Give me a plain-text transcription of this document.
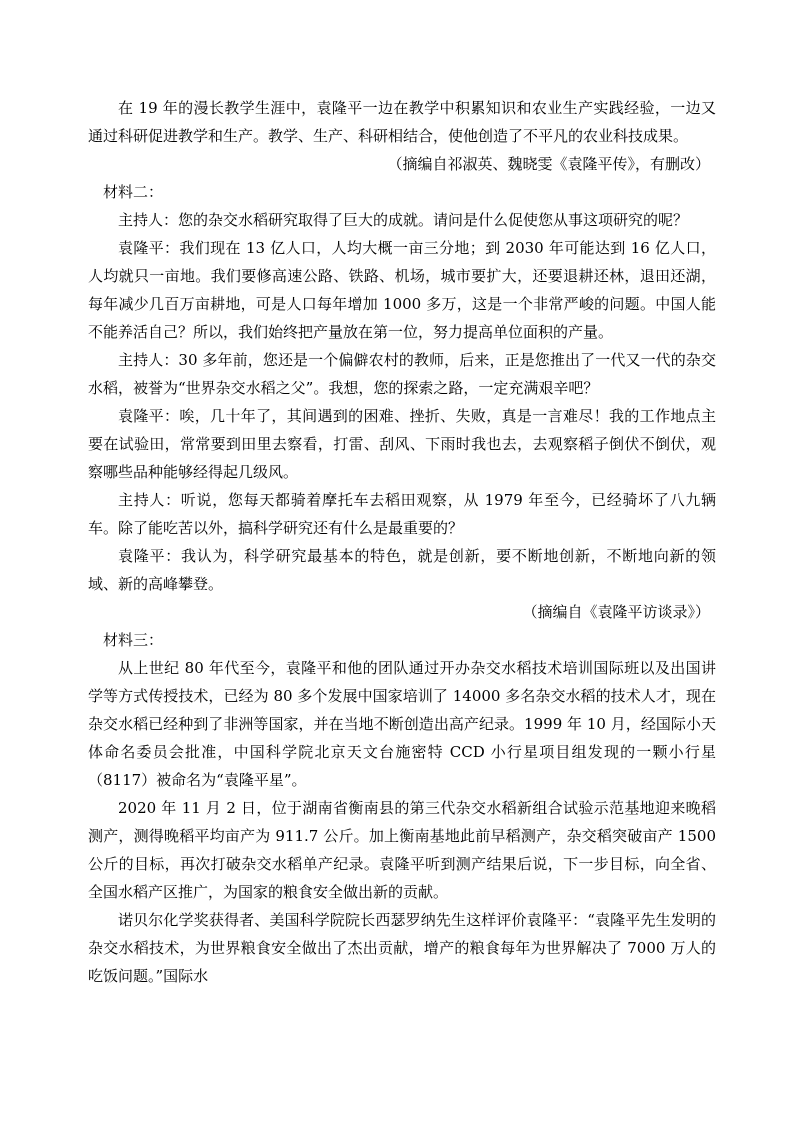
在 19 年的漫长教学生涯中，袁隆平一边在教学中积累知识和农业生产实践经验，一边又通过科研促进教学和生产。教学、生产、科研相结合，使他创造了不平凡的农业科技成果。

（摘编自祁淑英、魏晓雯《袁隆平传》，有删改）

材料二：

主持人：您的杂交水稻研究取得了巨大的成就。请问是什么促使您从事这项研究的呢？

袁隆平：我们现在 13 亿人口，人均大概一亩三分地；到 2030 年可能达到 16 亿人口，人均就只一亩地。我们要修高速公路、铁路、机场，城市要扩大，还要退耕还林，退田还湖，每年减少几百万亩耕地，可是人口每年增加 1000 多万，这是一个非常严峻的问题。中国人能不能养活自己？所以，我们始终把产量放在第一位，努力提高单位面积的产量。

主持人：30 多年前，您还是一个偏僻农村的教师，后来，正是您推出了一代又一代的杂交水稻，被誉为“世界杂交水稻之父”。我想，您的探索之路，一定充满艰辛吧？

袁隆平：唉，几十年了，其间遇到的困难、挫折、失败，真是一言难尽！我的工作地点主要在试验田，常常要到田里去察看，打雷、刮风、下雨时我也去，去观察稻子倒伏不倒伏，观察哪些品种能够经得起几级风。

主持人：听说，您每天都骑着摩托车去稻田观察，从 1979 年至今，已经骑坏了八九辆车。除了能吃苦以外，搞科学研究还有什么是最重要的？

袁隆平：我认为，科学研究最基本的特色，就是创新，要不断地创新，不断地向新的领域、新的高峰攀登。

（摘编自《袁隆平访谈录》）

材料三：

从上世纪 80 年代至今，袁隆平和他的团队通过开办杂交水稻技术培训国际班以及出国讲学等方式传授技术，已经为 80 多个发展中国家培训了 14000 多名杂交水稻的技术人才，现在杂交水稻已经种到了非洲等国家，并在当地不断创造出高产纪录。1999 年 10 月，经国际小天体命名委员会批准，中国科学院北京天文台施密特 CCD 小行星项目组发现的一颗小行星（8117）被命名为“袁隆平星”。

2020 年 11 月 2 日，位于湖南省衡南县的第三代杂交水稻新组合试验示范基地迎来晚稻测产，测得晚稻平均亩产为 911.7 公斤。加上衡南基地此前早稻测产，杂交稻突破亩产 1500 公斤的目标，再次打破杂交水稻单产纪录。袁隆平听到测产结果后说，下一步目标，向全省、全国水稻产区推广，为国家的粮食安全做出新的贡献。

诺贝尔化学奖获得者、美国科学院院长西瑟罗纳先生这样评价袁隆平：“袁隆平先生发明的杂交水稻技术，为世界粮食安全做出了杰出贡献，增产的粮食每年为世界解决了 7000 万人的吃饭问题。”国际水
